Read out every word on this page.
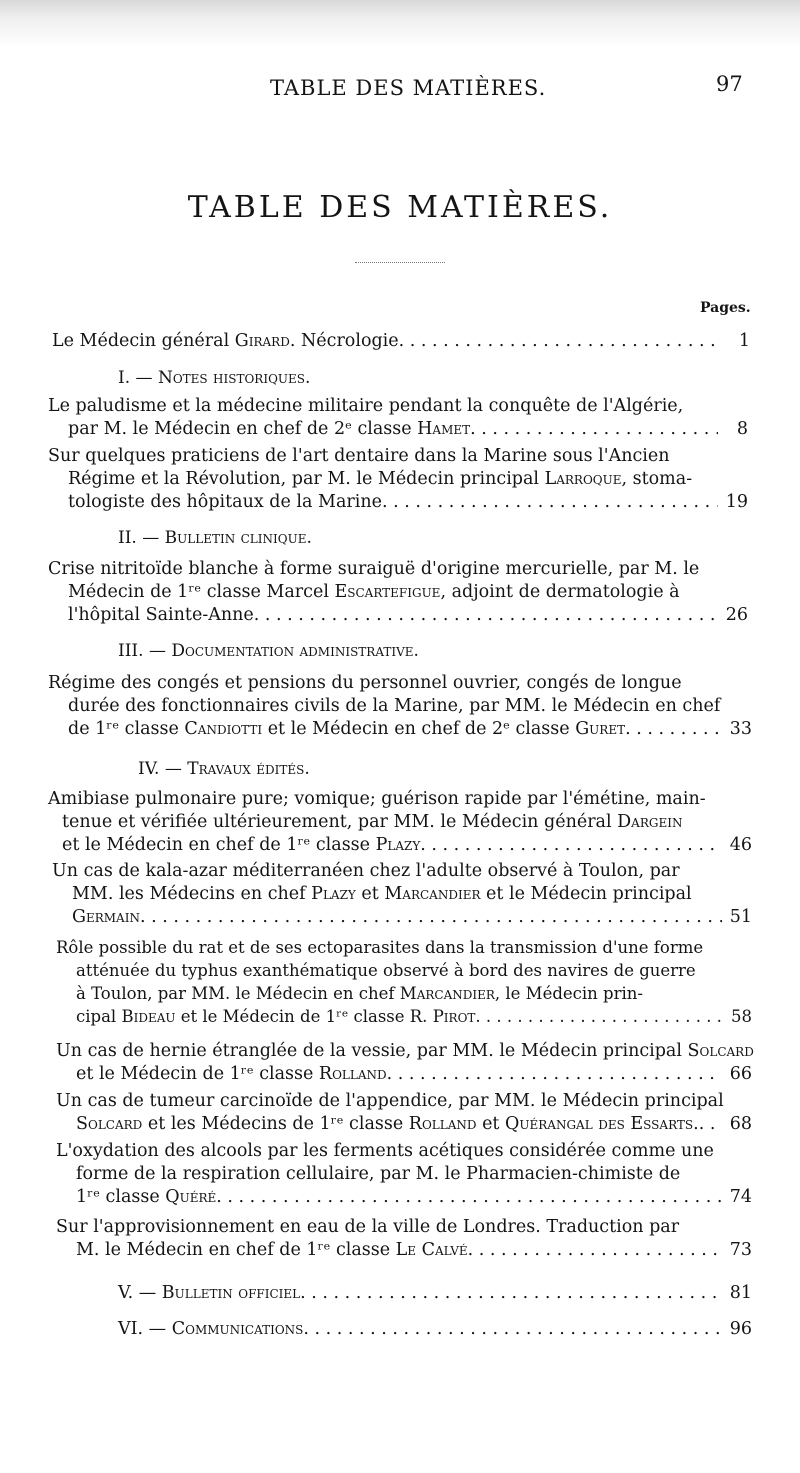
TABLE DES MATIÈRES.	97
TABLE DES MATIÈRES.
Pages.
Le Médecin général Girard . Nécrologie . . .	1
I. — Notes historiques.
Le paludisme et la médecine militaire pendant la conquête de l'Algérie,
par M. le Médecin en chef de 2ᵉ classe Hamet . . .	8
Sur quelques praticiens de l'art dentaire dans la Marine sous l'Ancien
Régime et la Révolution, par M. le Médecin principal Larroque , stoma-
tologiste des hôpitaux de la Marine . . .	19
II. — Bulletin clinique.
Crise nitritoïde blanche à forme suraiguë d'origine mercurielle, par M. le
Médecin de 1ʳᵉ classe Marcel Escartefigue , adjoint de dermatologie à
l'hôpital Sainte-Anne . . .	26
III. — Documentation administrative.
Régime des congés et pensions du personnel ouvrier, congés de longue
durée des fonctionnaires civils de la Marine, par MM. le Médecin en chef
de 1ʳᵉ classe Candiotti et le Médecin en chef de 2ᵉ classe Guret . . .	33
IV. — Travaux édités.
Amibiase pulmonaire pure; vomique; guérison rapide par l'émétine, main-
tenue et vérifiée ultérieurement, par MM. le Médecin général Dargein
et le Médecin en chef de 1ʳᵉ classe Plazy . . .	46
Un cas de kala-azar méditerranéen chez l'adulte observé à Toulon, par
MM. les Médecins en chef Plazy et Marcandier et le Médecin principal
Germain . . .	51
Rôle possible du rat et de ses ectoparasites dans la transmission d'une forme
atténuée du typhus exanthématique observé à bord des navires de guerre
à Toulon, par MM. le Médecin en chef Marcandier , le Médecin prin-
cipal Bideau et le Médecin de 1ʳᵉ classe R. Pirot . . .	58
Un cas de hernie étranglée de la vessie, par MM. le Médecin principal Solcard
et le Médecin de 1ʳᵉ classe Rolland . . .	66
Un cas de tumeur carcinoïde de l'appendice, par MM. le Médecin principal
Solcard et les Médecins de 1ʳᵉ classe Rolland et Quérangal des Essarts . . . .	68
L'oxydation des alcools par les ferments acétiques considérée comme une
forme de la respiration cellulaire, par M. le Pharmacien-chimiste de
1ʳᵉ classe Quéré . . .	74
Sur l'approvisionnement en eau de la ville de Londres. Traduction par
M. le Médecin en chef de 1ʳᵉ classe Le Calvé . . .	73
V. — Bulletin officiel . . .	81
VI. — Communications . . .	96
